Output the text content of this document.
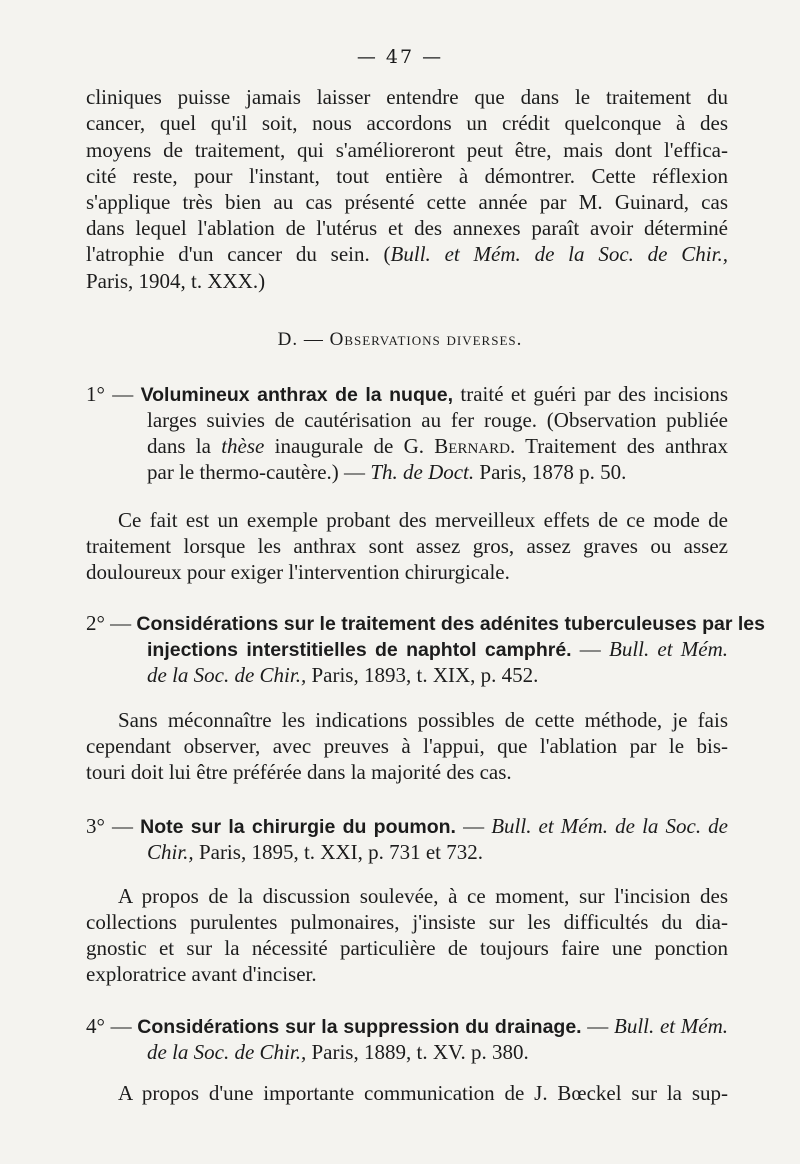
— 47 —
cliniques puisse jamais laisser entendre que dans le traitement du
cancer, quel qu'il soit, nous accordons un crédit quelconque à des
moyens de traitement, qui s'amélioreront peut être, mais dont l'effica-
cité reste, pour l'instant, tout entière à démontrer. Cette réflexion
s'applique très bien au cas présenté cette année par M. Guinard, cas
dans lequel l'ablation de l'utérus et des annexes paraît avoir déterminé
l'atrophie d'un cancer du sein. (Bull. et Mém. de la Soc. de Chir.,
Paris, 1904, t. XXX.)
D. — Observations diverses.
1° — Volumineux anthrax de la nuque, traité et guéri par des incisions
larges suivies de cautérisation au fer rouge. (Observation publiée
dans la thèse inaugurale de G. Bernard. Traitement des anthrax
par le thermo-cautère.) — Th. de Doct. Paris, 1878 p. 50.
Ce fait est un exemple probant des merveilleux effets de ce mode de
traitement lorsque les anthrax sont assez gros, assez graves ou assez
douloureux pour exiger l'intervention chirurgicale.
2° — Considérations sur le traitement des adénites tuberculeuses par les
injections interstitielles de naphtol camphré. — Bull. et Mém.
de la Soc. de Chir., Paris, 1893, t. XIX, p. 452.
Sans méconnaître les indications possibles de cette méthode, je fais
cependant observer, avec preuves à l'appui, que l'ablation par le bis-
touri doit lui être préférée dans la majorité des cas.
3° — Note sur la chirurgie du poumon. — Bull. et Mém. de la Soc. de
Chir., Paris, 1895, t. XXI, p. 731 et 732.
A propos de la discussion soulevée, à ce moment, sur l'incision des
collections purulentes pulmonaires, j'insiste sur les difficultés du dia-
gnostic et sur la nécessité particulière de toujours faire une ponction
exploratrice avant d'inciser.
4° — Considérations sur la suppression du drainage. — Bull. et Mém.
de la Soc. de Chir., Paris, 1889, t. XV. p. 380.
A propos d'une importante communication de J. Bœckel sur la sup-
